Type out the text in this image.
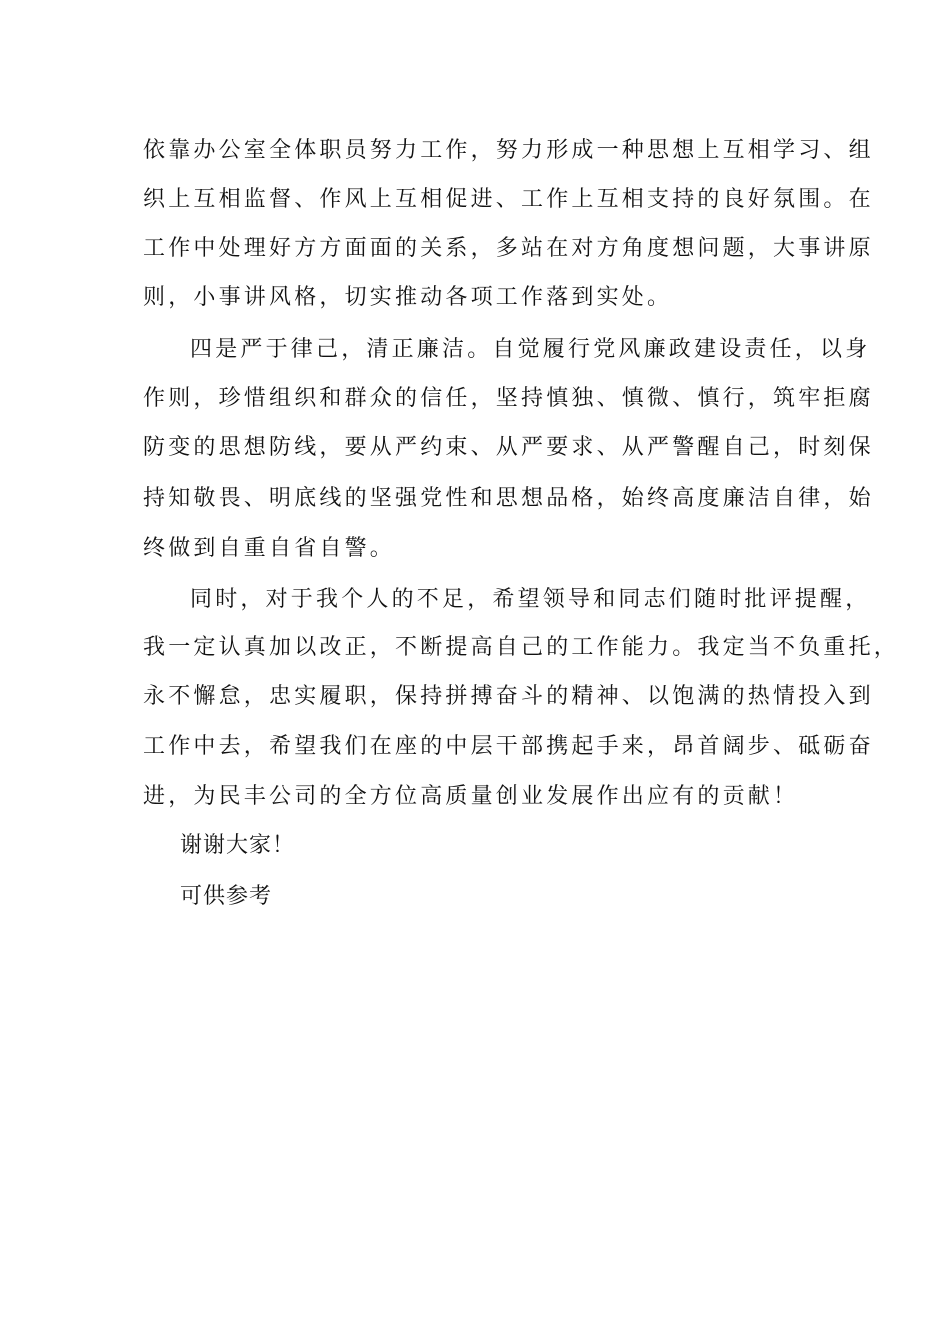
依靠办公室全体职员努力工作，努力形成一种思想上互相学习、组

织上互相监督、作风上互相促进、工作上互相支持的良好氛围。在

工作中处理好方方面面的关系，多站在对方角度想问题，大事讲原

则，小事讲风格，切实推动各项工作落到实处。

四是严于律己，清正廉洁。自觉履行党风廉政建设责任，以身

作则，珍惜组织和群众的信任，坚持慎独、慎微、慎行，筑牢拒腐

防变的思想防线，要从严约束、从严要求、从严警醒自己，时刻保

持知敬畏、明底线的坚强党性和思想品格，始终高度廉洁自律，始

终做到自重自省自警。

同时，对于我个人的不足，希望领导和同志们随时批评提醒，

我一定认真加以改正，不断提高自己的工作能力。我定当不负重托，

永不懈怠，忠实履职，保持拼搏奋斗的精神、以饱满的热情投入到

工作中去，希望我们在座的中层干部携起手来，昂首阔步、砥砺奋

进，为民丰公司的全方位高质量创业发展作出应有的贡献！

谢谢大家！

可供参考
